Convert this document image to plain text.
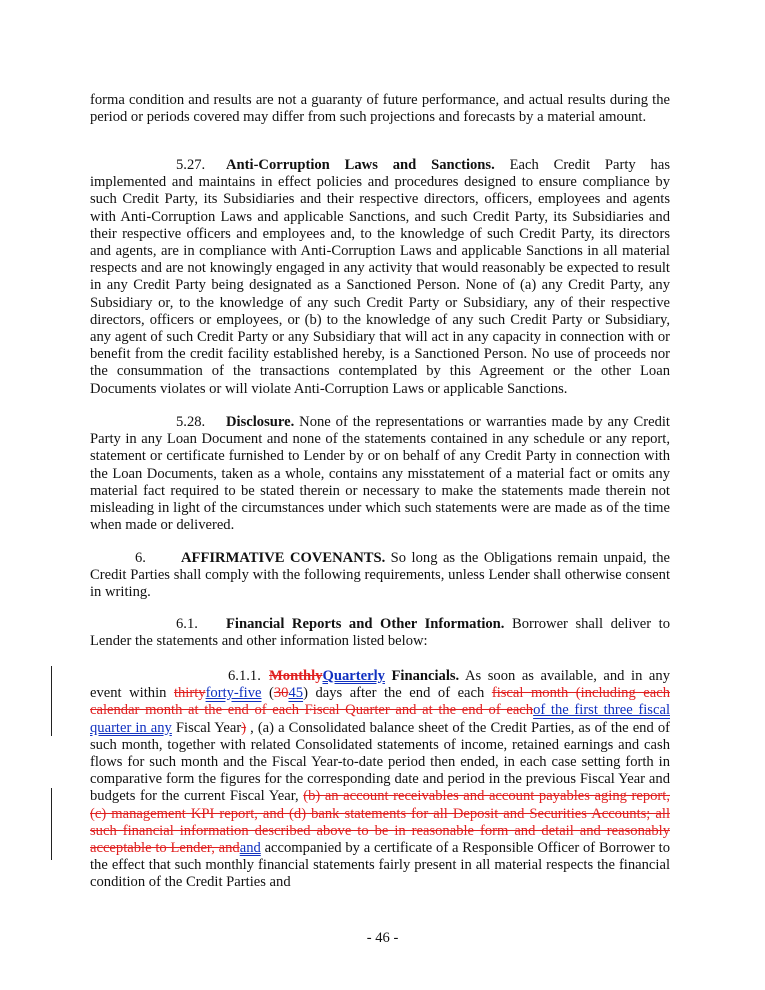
forma condition and results are not a guaranty of future performance, and actual results during the period or periods covered may differ from such projections and forecasts by a material amount.

5.27. Anti-Corruption Laws and Sanctions. Each Credit Party has implemented and maintains in effect policies and procedures designed to ensure compliance by such Credit Party, its Subsidiaries and their respective directors, officers, employees and agents with Anti-Corruption Laws and applicable Sanctions, and such Credit Party, its Subsidiaries and their respective officers and employees and, to the knowledge of such Credit Party, its directors and agents, are in compliance with Anti-Corruption Laws and applicable Sanctions in all material respects and are not knowingly engaged in any activity that would reasonably be expected to result in any Credit Party being designated as a Sanctioned Person. None of (a) any Credit Party, any Subsidiary or, to the knowledge of any such Credit Party or Subsidiary, any of their respective directors, officers or employees, or (b) to the knowledge of any such Credit Party or Subsidiary, any agent of such Credit Party or any Subsidiary that will act in any capacity in connection with or benefit from the credit facility established hereby, is a Sanctioned Person. No use of proceeds nor the consummation of the transactions contemplated by this Agreement or the other Loan Documents violates or will violate Anti-Corruption Laws or applicable Sanctions.

5.28. Disclosure. None of the representations or warranties made by any Credit Party in any Loan Document and none of the statements contained in any schedule or any report, statement or certificate furnished to Lender by or on behalf of any Credit Party in connection with the Loan Documents, taken as a whole, contains any misstatement of a material fact or omits any material fact required to be stated therein or necessary to make the statements made therein not misleading in light of the circumstances under which such statements were are made as of the time when made or delivered.

6. AFFIRMATIVE COVENANTS. So long as the Obligations remain unpaid, the Credit Parties shall comply with the following requirements, unless Lender shall otherwise consent in writing.

6.1. Financial Reports and Other Information. Borrower shall deliver to Lender the statements and other information listed below:

6.1.1. MonthlyQuarterly Financials. As soon as available, and in any event within thirtyforty-five (3045) days after the end of each fiscal month (including each calendar month at the end of each Fiscal Quarter and at the end of eachof the first three fiscal quarter in any Fiscal Year) , (a) a Consolidated balance sheet of the Credit Parties, as of the end of such month, together with related Consolidated statements of income, retained earnings and cash flows for such month and the Fiscal Year-to-date period then ended, in each case setting forth in comparative form the figures for the corresponding date and period in the previous Fiscal Year and budgets for the current Fiscal Year, (b) an account receivables and account payables aging report, (c) management KPI report, and (d) bank statements for all Deposit and Securities Accounts; all such financial information described above to be in reasonable form and detail and reasonably acceptable to Lender, andand accompanied by a certificate of a Responsible Officer of Borrower to the effect that such monthly financial statements fairly present in all material respects the financial condition of the Credit Parties and

- 46 -
